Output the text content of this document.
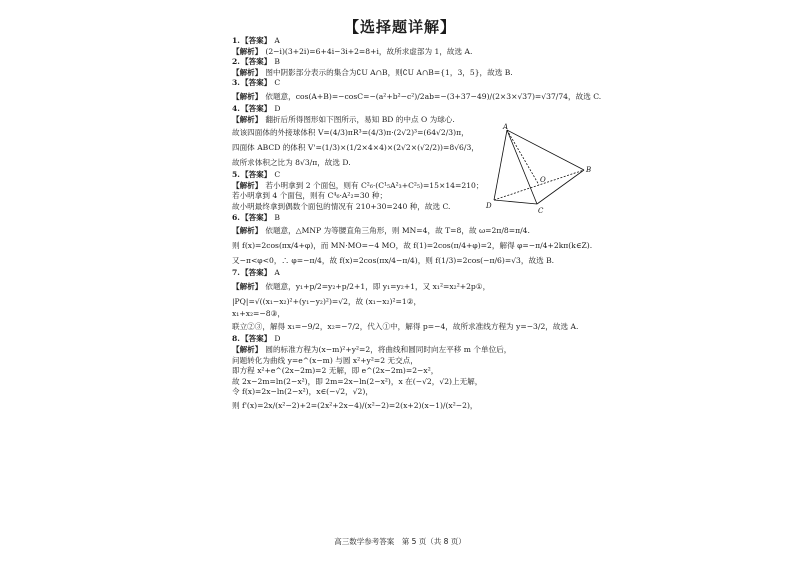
【选择题详解】
1. 【答案】 A
【解析】 (2−i)(3+2i)=6+4i−3i+2=8+i，故所求虚部为 1，故选 A.
2. 【答案】 B
【解析】 图中阴影部分表示的集合为∁U A∩B，则∁U A∩B={1，3，5}，故选 B.
3. 【答案】 C
【解析】 依题意，cos(A+B)=−cosC=−(a²+b²−c²)/2ab=−(3+37−49)/(2×3×√37)=√37/74，故选 C.
4. 【答案】 D
【解析】 翻折后所得图形如下图所示，易知 BD 的中点 O 为球心.
故该四面体的外接球体积 V=(4/3)πR³=(4/3)π·(2√2)³=(64√2/3)π，
四面体 ABCD 的体积 V'=(1/3)×(1/2×4×4)×(2√2×(√2/2))=8√6/3，
故所求体积之比为 8√3/π，故选 D.
5. 【答案】 C
【解析】 若小明拿到 2 个面包，则有 C²₆·(C¹₅A²₃+C²₅)=15×14=210；
若小明拿到 4 个面包，则有 C⁴₆·A²₂=30 种；
故小明最终拿到偶数个面包的情况有 210+30=240 种，故选 C.
6. 【答案】 B
【解析】 依题意，△MNP 为等腰直角三角形，则 MN=4，故 T=8，故 ω=2π/8=π/4.
则 f(x)=2cos(πx/4+φ)，而 MN·MO=−4 MO，故 f(1)=2cos(π/4+φ)=2，解得 φ=−π/4+2kπ(k∈Z).
又−π<φ<0，∴ φ=−π/4，故 f(x)=2cos(πx/4−π/4)，则 f(1/3)=2cos(−π/6)=√3，故选 B.
7. 【答案】 A
【解析】 依题意，y₁+p/2=y₂+p/2+1，即 y₁=y₂+1，又 x₁²=x₂²+2p①，
|PQ|=√((x₁−x₂)²+(y₁−y₂)²)=√2，故 (x₁−x₂)²=1②，
x₁+x₂=−8③，
联立②③，解得 x₁=−9/2，x₂=−7/2，代入①中，解得 p=−4，故所求准线方程为 y=−3/2，故选 A.
8. 【答案】 D
【解析】 圆的标准方程为(x−m)²+y²=2，将曲线和圆同时向左平移 m 个单位后，
问题转化为曲线 y=e^(x−m) 与圆 x²+y²=2 无交点，
即方程 x²+e^(2x−2m)=2 无解，即 e^(2x−2m)=2−x²，
故 2x−2m=ln(2−x²)，即 2m=2x−ln(2−x²)，x 在(−√2，√2)上无解，
令 f(x)=2x−ln(2−x²)，x∈(−√2，√2)，
则 f'(x)=2x/(x²−2)+2=(2x²+2x−4)/(x²−2)=2(x+2)(x−1)/(x²−2)，
A
B
C
D
O
高三数学参考答案　第 5 页（共 8 页）
